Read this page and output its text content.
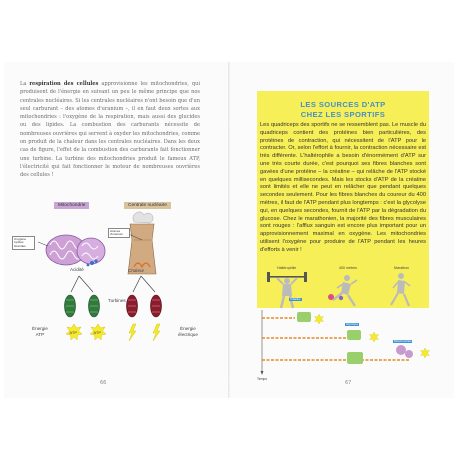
La respiration des cellules approvisionne les mitochondries, qui produisent de l'énergie en suivant un peu le même principe que nos centrales nucléaires. Si les centrales nucléaires n'ont besoin que d'un seul carburant – des atomes d'uranium –, il en faut deux sortes aux mitochondries : l'oxygène de la respiration, mais aussi des glucides ou des lipides. La combustion des carburants nécessite de nombreuses ouvrières qui servent à oxyder les mitochondries, comme on produit de la chaleur dans les centrales nucléaires. Dans les deux cas de figure, l'effet de la combustion des carburants fait fonctionner une turbine. La turbine des mitochondries produit le fameux ATP, l'électricité qui fait fonctionner le moteur de nombreuses ouvrières des cellules !

Mitochondrie	Centrale nucléaire
Oxygène
Lipides
Glucides
Atomes
d'uranium
Acidité	Chaleur
Turbines
Énergie
ATP	ATP	ATP
Énergie
électrique
66
LES SOURCES D'ATP
CHEZ LES SPORTIFS

Les quadriceps des sportifs ne se ressemblent pas. Le muscle du quadriceps contient des protéines bien particulières, des protéines de contraction, qui nécessitent de l'ATP pour le contracter. Or, selon l'effort à fournir, la contraction nécessaire est très différente. L'haltérophile a besoin d'énormément d'ATP sur une très courte durée, c'est pourquoi ses fibres blanches sont gavées d'une protéine – la créatine – qui relâche de l'ATP stocké en quelques millisecondes. Mais les stocks d'ATP de la créatine sont limités et elle ne peut en relâcher que pendant quelques secondes seulement. Pour les fibres blanches du coureur du 400 mètres, il faut de l'ATP pendant plus longtemps : c'est la glycolyse qui, en quelques secondes, fournit de l'ATP par la dégradation du glucose. Chez le marathonien, la majorité des fibres musculaires sont rouges : l'afflux sanguin est encore plus important pour un approvisionnement maximal en oxygène. Les mitochondries utilisent l'oxygène pour produire de l'ATP pendant les heures d'efforts à venir !

Haltérophile	400 mètres	Marathon
Créatine
Glycolyse
Mitochondries
Temps
67
